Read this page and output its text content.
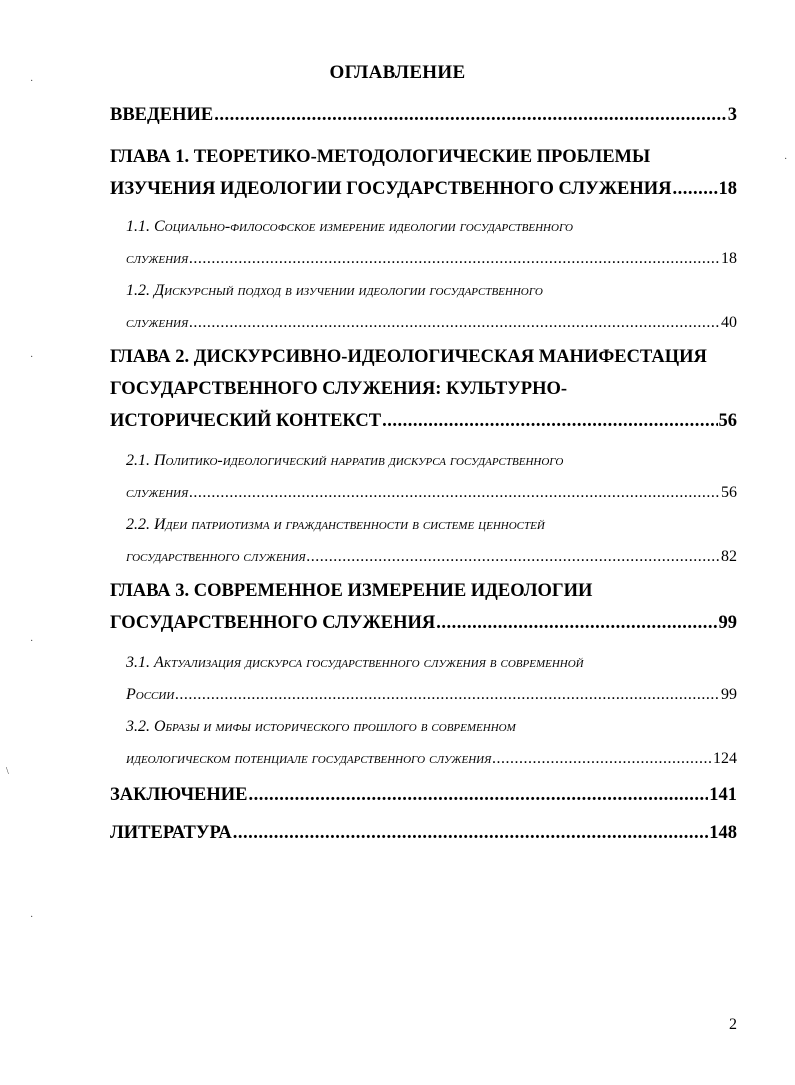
ОГЛАВЛЕНИЕ
ВВЕДЕНИЕ .....	3
ГЛАВА 1. ТЕОРЕТИКО-МЕТОДОЛОГИЧЕСКИЕ ПРОБЛЕМЫ
ИЗУЧЕНИЯ ИДЕОЛОГИИ ГОСУДАРСТВЕННОГО СЛУЖЕНИЯ .....	18
1.1. Социально-философское измерение идеологии государственного
служения .....	18
1.2. Дискурсный подход в изучении идеологии государственного
служения .....	40
ГЛАВА 2. ДИСКУРСИВНО-ИДЕОЛОГИЧЕСКАЯ МАНИФЕСТАЦИЯ
ГОСУДАРСТВЕННОГО СЛУЖЕНИЯ: КУЛЬТУРНО-
ИСТОРИЧЕСКИЙ КОНТЕКСТ .....	56
2.1. Политико-идеологический нарратив дискурса государственного
служения .....	56
2.2. Идеи патриотизма и гражданственности в системе ценностей
государственного служения .....	82
ГЛАВА 3. СОВРЕМЕННОЕ ИЗМЕРЕНИЕ ИДЕОЛОГИИ
ГОСУДАРСТВЕННОГО СЛУЖЕНИЯ .....	99
3.1. Актуализация дискурса государственного служения в современной
России .....	99
3.2. Образы и мифы исторического прошлого в современном
идеологическом потенциале государственного служения .....	124
ЗАКЛЮЧЕНИЕ .....	141
ЛИТЕРАТУРА .....	148
·
·
·
\
·
·
2
